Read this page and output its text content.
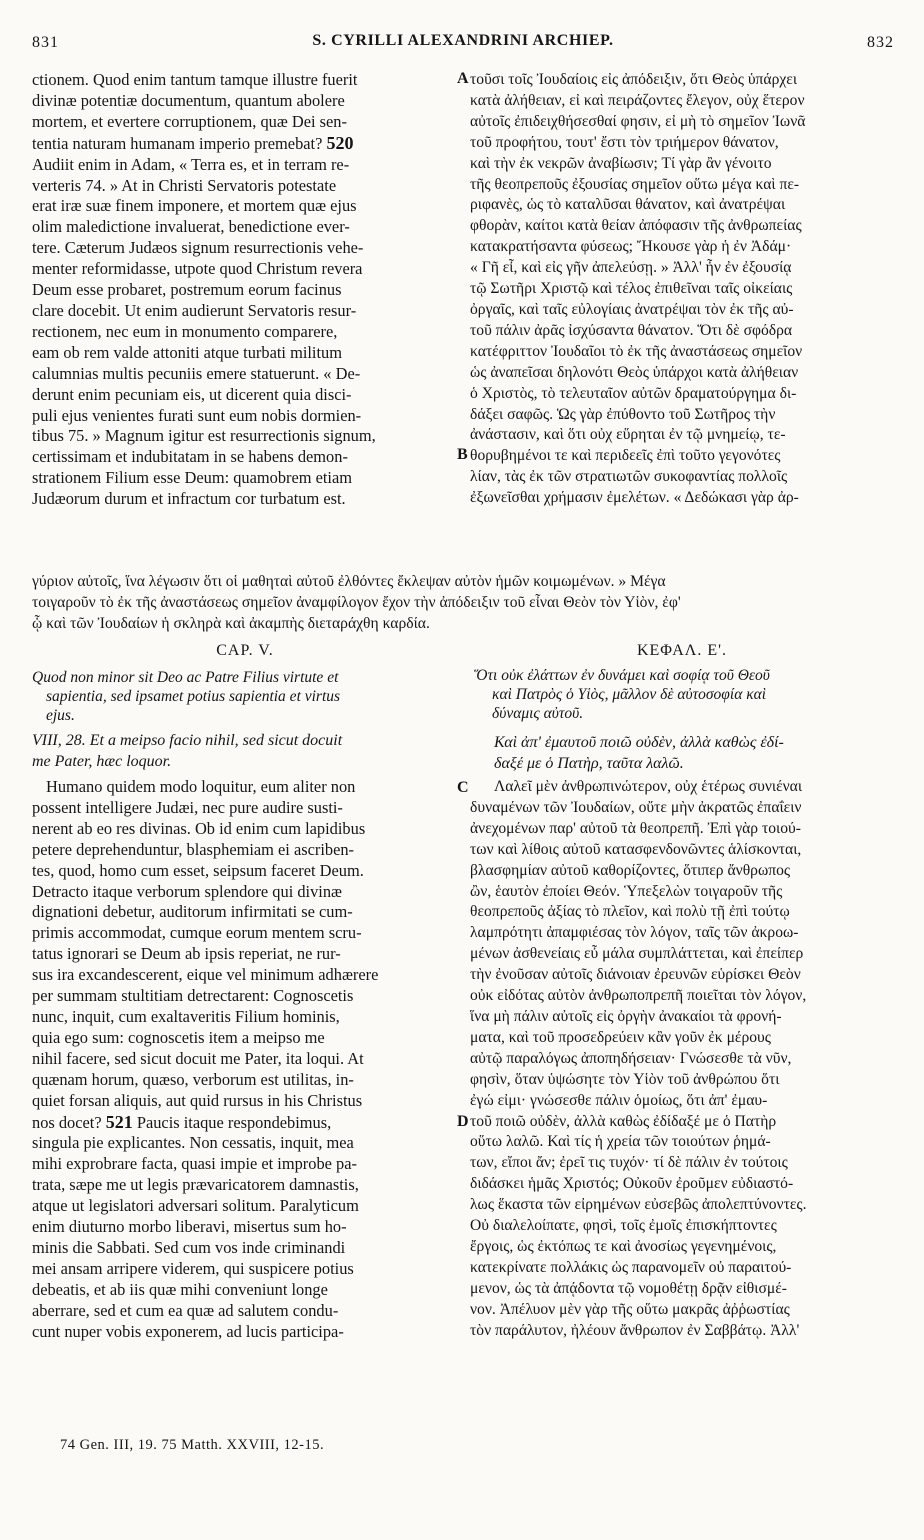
831	S. CYRILLI ALEXANDRINI ARCHIEP.	832
ctionem. Quod enim tantum tamque illustre fuerit
divinæ potentiæ documentum, quantum abolere
mortem, et evertere corruptionem, quæ Dei sen-
tentia naturam humanam imperio premebat? 520
Audiit enim in Adam, « Terra es, et in terram re-
verteris 74. » At in Christi Servatoris potestate
erat iræ suæ finem imponere, et mortem quæ ejus
olim maledictione invaluerat, benedictione ever-
tere. Cæterum Judæos signum resurrectionis vehe-
menter reformidasse, utpote quod Christum revera
Deum esse probaret, postremum eorum facinus
clare docebit. Ut enim audierunt Servatoris resur-
rectionem, nec eum in monumento comparere,
eam ob rem valde attoniti atque turbati militum
calumnias multis pecuniis emere statuerunt. « De-
derunt enim pecuniam eis, ut dicerent quia disci-
puli ejus venientes furati sunt eum nobis dormien-
tibus 75. » Magnum igitur est resurrectionis signum,
certissimam et indubitatam in se habens demon-
strationem Filium esse Deum: quamobrem etiam
Judæorum durum et infractum cor turbatum est.
τοῦσι τοῖς Ἰουδαίοις εἰς ἀπόδειξιν, ὅτι Θεὸς ὑπάρχει
κατὰ ἀλήθειαν, εἰ καὶ πειράζοντες ἔλεγον, οὐχ ἕτερον
αὐτοῖς ἐπιδειχθήσεσθαί φησιν, εἰ μὴ τὸ σημεῖον Ἰωνᾶ
τοῦ προφήτου, τουτ' ἔστι τὸν τριήμερον θάνατον,
καὶ τὴν ἐκ νεκρῶν ἀναβίωσιν; Τί γὰρ ἂν γένοιτο
τῆς θεοπρεποῦς ἐξουσίας σημεῖον οὕτω μέγα καὶ πε-
ριφανὲς, ὡς τὸ καταλῦσαι θάνατον, καὶ ἀνατρέψαι
φθορὰν, καίτοι κατὰ θείαν ἀπόφασιν τῆς ἀνθρωπείας
κατακρατήσαντα φύσεως; Ἤκουσε γὰρ ἡ ἐν Ἀδάμ·
« Γῆ εἶ, καὶ εἰς γῆν ἀπελεύσῃ. » Ἀλλ' ἦν ἐν ἐξουσίᾳ
τῷ Σωτῆρι Χριστῷ καὶ τέλος ἐπιθεῖναι ταῖς οἰκείαις
ὀργαῖς, καὶ ταῖς εὐλογίαις ἀνατρέψαι τὸν ἐκ τῆς αὐ-
τοῦ πάλιν ἀρᾶς ἰσχύσαντα θάνατον. Ὅτι δὲ σφόδρα
κατέφριττον Ἰουδαῖοι τὸ ἐκ τῆς ἀναστάσεως σημεῖον
ὡς ἀναπεῖσαι δηλονότι Θεὸς ὑπάρχοι κατὰ ἀλήθειαν
ὁ Χριστὸς, τὸ τελευταῖον αὐτῶν δραματούργημα δι-
δάξει σαφῶς. Ὡς γὰρ ἐπύθοντο τοῦ Σωτῆρος τὴν
ἀνάστασιν, καὶ ὅτι οὐχ εὕρηται ἐν τῷ μνημείῳ, τε-
θορυβημένοι τε καὶ περιδεεῖς ἐπὶ τοῦτο γεγονότες
λίαν, τὰς ἐκ τῶν στρατιωτῶν συκοφαντίας πολλοῖς
ἐξωνεῖσθαι χρήμασιν ἐμελέτων. « Δεδώκασι γὰρ ἀρ-
A
B
γύριον αὐτοῖς, ἵνα λέγωσιν ὅτι οἱ μαθηταὶ αὐτοῦ ἐλθόντες ἔκλεψαν αὐτὸν ἡμῶν κοιμωμένων. » Μέγα
τοιγαροῦν τὸ ἐκ τῆς ἀναστάσεως σημεῖον ἀναμφίλογον ἔχον τὴν ἀπόδειξιν τοῦ εἶναι Θεὸν τὸν Υἱὸν, ἐφ'
ᾧ καὶ τῶν Ἰουδαίων ἡ σκληρὰ καὶ ἀκαμπὴς διεταράχθη καρδία.
CAP. V.	ΚΕΦΑΛ. Ε'.
Quod non minor sit Deo ac Patre Filius virtute et
sapientia, sed ipsamet potius sapientia et virtus
ejus.
Ὅτι οὐκ ἐλάττων ἐν δυνάμει καὶ σοφίᾳ τοῦ Θεοῦ
καὶ Πατρὸς ὁ Υἱὸς, μᾶλλον δὲ αὐτοσοφία καὶ
δύναμις αὐτοῦ.
VIII, 28. Et a meipso facio nihil, sed sicut docuit
me Pater, hæc loquor.
Καὶ ἀπ' ἐμαυτοῦ ποιῶ οὐδὲν, ἀλλὰ καθὼς ἐδί-
δαξέ με ὁ Πατὴρ, ταῦτα λαλῶ.
Humano quidem modo loquitur, eum aliter non
possent intelligere Judæi, nec pure audire susti-
nerent ab eo res divinas. Ob id enim cum lapidibus
petere deprehenduntur, blasphemiam ei ascriben-
tes, quod, homo cum esset, seipsum faceret Deum.
Detracto itaque verborum splendore qui divinæ
dignationi debetur, auditorum infirmitati se cum-
primis accommodat, cumque eorum mentem scru-
tatus ignorari se Deum ab ipsis reperiat, ne rur-
sus ira excandescerent, eique vel minimum adhærere
per summam stultitiam detrectarent: Cognoscetis
nunc, inquit, cum exaltaveritis Filium hominis,
quia ego sum: cognoscetis item a meipso me
nihil facere, sed sicut docuit me Pater, ita loqui. At
quænam horum, quæso, verborum est utilitas, in-
quiet forsan aliquis, aut quid rursus in his Christus
nos docet? 521 Paucis itaque respondebimus,
singula pie explicantes. Non cessatis, inquit, mea
mihi exprobrare facta, quasi impie et improbe pa-
trata, sæpe me ut legis prævaricatorem damnastis,
atque ut legislatori adversari solitum. Paralyticum
enim diuturno morbo liberavi, misertus sum ho-
minis die Sabbati. Sed cum vos inde criminandi
mei ansam arripere viderem, qui suspicere potius
debeatis, et ab iis quæ mihi conveniunt longe
aberrare, sed et cum ea quæ ad salutem condu-
cunt nuper vobis exponerem, ad lucis participa-
Λαλεῖ μὲν ἀνθρωπινώτερον, οὐχ ἑτέρως συνιέναι
δυναμένων τῶν Ἰουδαίων, οὔτε μὴν ἀκρατῶς ἐπαΐειν
ἀνεχομένων παρ' αὐτοῦ τὰ θεοπρεπῆ. Ἐπὶ γὰρ τοιού-
των καὶ λίθοις αὐτοῦ κατασφενδονῶντες ἁλίσκονται,
βλασφημίαν αὐτοῦ καθορίζοντες, ὅτιπερ ἄνθρωπος
ὢν, ἑαυτὸν ἐποίει Θεόν. Ὑπεξελὼν τοιγαροῦν τῆς
θεοπρεποῦς ἀξίας τὸ πλεῖον, καὶ πολὺ τῇ ἐπὶ τούτῳ
λαμπρότητι ἀπαμφιέσας τὸν λόγον, ταῖς τῶν ἀκροω-
μένων ἀσθενείαις εὖ μάλα συμπλάττεται, καὶ ἐπείπερ
τὴν ἐνοῦσαν αὐτοῖς διάνοιαν ἐρευνῶν εὑρίσκει Θεὸν
οὐκ εἰδότας αὐτὸν ἀνθρωποπρεπῆ ποιεῖται τὸν λόγον,
ἵνα μὴ πάλιν αὐτοῖς εἰς ὀργὴν ἀνακαίοι τὰ φρονή-
ματα, καὶ τοῦ προσεδρεύειν κἂν γοῦν ἐκ μέρους
αὐτῷ παραλόγως ἀποπηδήσειαν· Γνώσεσθε τὰ νῦν,
φησὶν, ὅταν ὑψώσητε τὸν Υἱὸν τοῦ ἀνθρώπου ὅτι
ἐγώ εἰμι· γνώσεσθε πάλιν ὁμοίως, ὅτι ἀπ' ἐμαυ-
τοῦ ποιῶ οὐδὲν, ἀλλὰ καθὼς ἐδίδαξέ με ὁ Πατὴρ
οὕτω λαλῶ. Καὶ τίς ἡ χρεία τῶν τοιούτων ῥημά-
των, εἴποι ἄν; ἐρεῖ τις τυχόν· τί δὲ πάλιν ἐν τούτοις
διδάσκει ἡμᾶς Χριστός; Οὐκοῦν ἐροῦμεν εὐδιαστό-
λως ἕκαστα τῶν εἰρημένων εὐσεβῶς ἀπολεπτύνοντες.
Οὐ διαλελοίπατε, φησὶ, τοῖς ἐμοῖς ἐπισκήπτοντες
ἔργοις, ὡς ἐκτόπως τε καὶ ἀνοσίως γεγενημένοις,
κατεκρίνατε πολλάκις ὡς παρανομεῖν οὐ παραιτού-
μενον, ὡς τὰ ἀπᾴδοντα τῷ νομοθέτῃ δρᾷν εἰθισμέ-
νον. Ἀπέλυον μὲν γὰρ τῆς οὕτω μακρᾶς ἀῤῥωστίας
τὸν παράλυτον, ἠλέουν ἄνθρωπον ἐν Σαββάτῳ. Ἀλλ'
C
D
74 Gen. III, 19. 75 Matth. XXVIII, 12-15.
